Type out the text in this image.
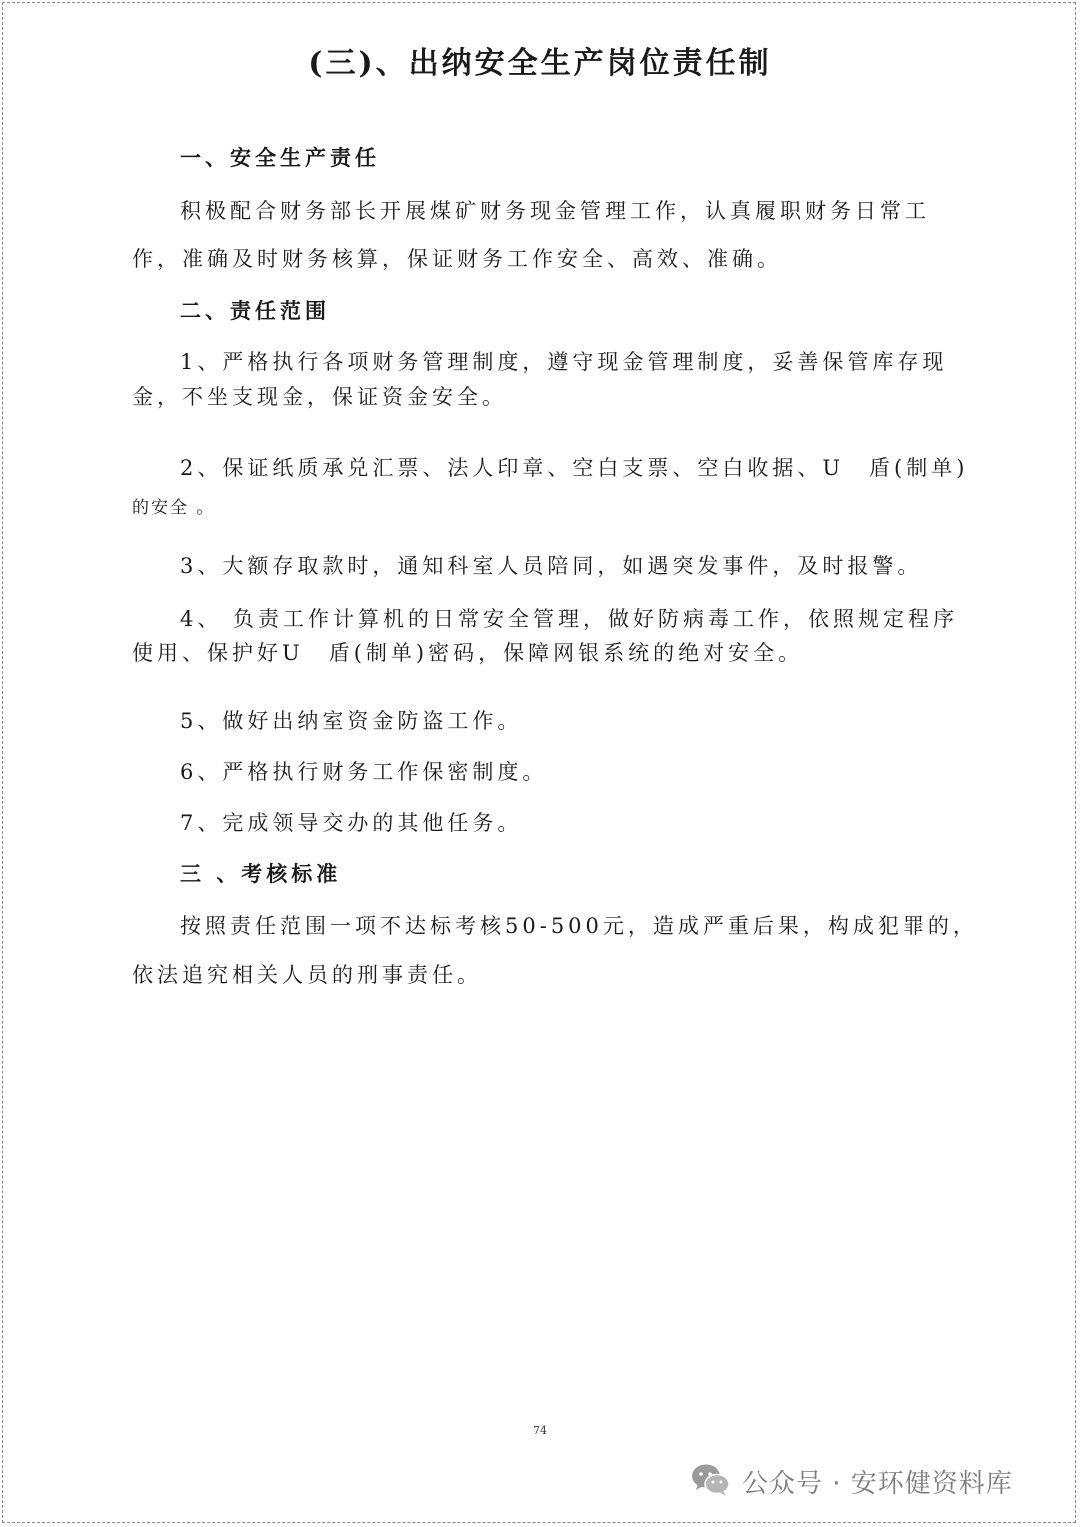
(三)、出纳安全生产岗位责任制
一、安全生产责任
积极配合财务部长开展煤矿财务现金管理工作，认真履职财务日常工
作，准确及时财务核算，保证财务工作安全、高效、准确。
二、责任范围
1、严格执行各项财务管理制度，遵守现金管理制度，妥善保管库存现
金，不坐支现金，保证资金安全。
2、保证纸质承兑汇票、法人印章、空白支票、空白收据、U　盾(制单)
的安全 。
3、大额存取款时，通知科室人员陪同，如遇突发事件，及时报警。
4、 负责工作计算机的日常安全管理，做好防病毒工作，依照规定程序
使用、保护好U　盾(制单)密码，保障网银系统的绝对安全。
5、做好出纳室资金防盗工作。
6、严格执行财务工作保密制度。
7、完成领导交办的其他任务。
三 、考核标准
按照责任范围一项不达标考核50-500元，造成严重后果，构成犯罪的，
依法追究相关人员的刑事责任。
74
公众号 · 安环健资料库
